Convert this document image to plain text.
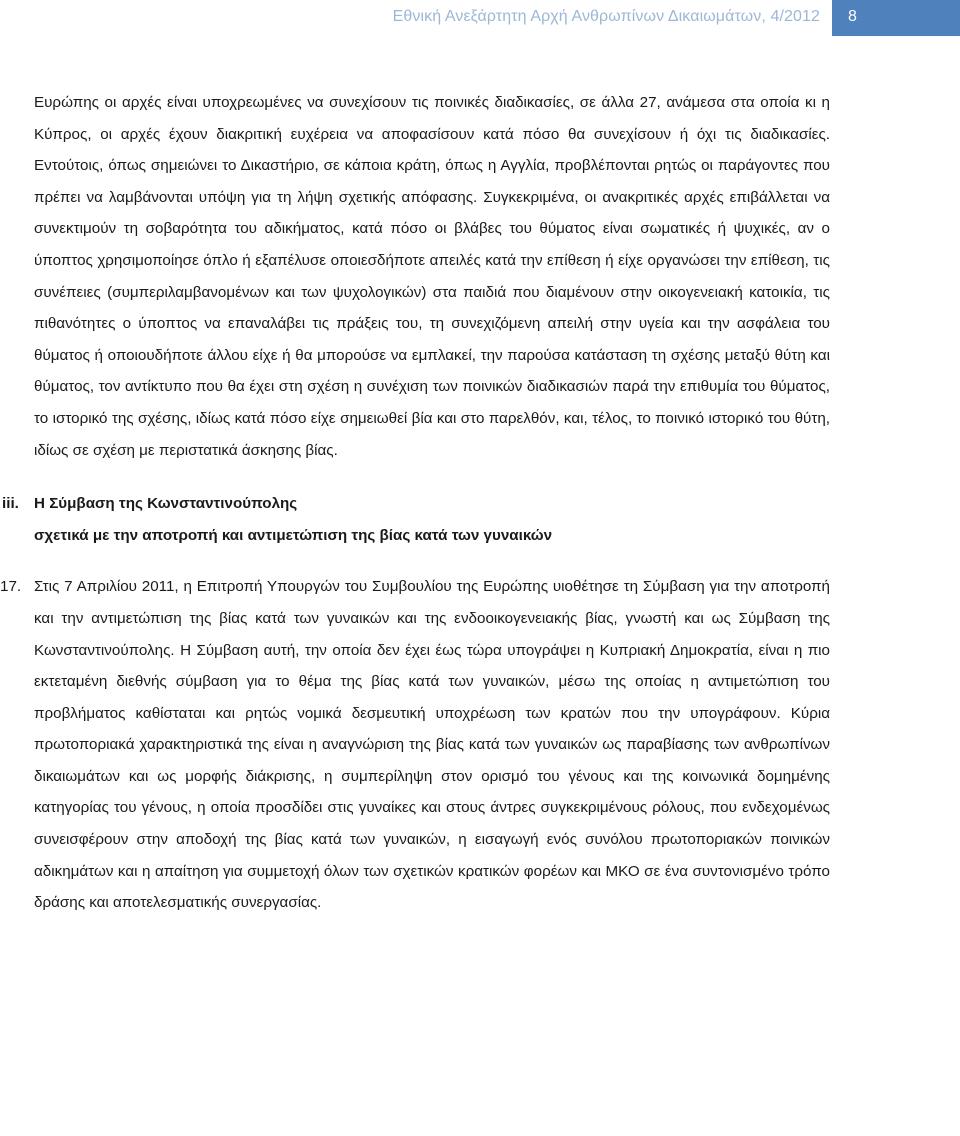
Εθνική Ανεξάρτητη Αρχή Ανθρωπίνων Δικαιωμάτων, 4/2012 8

Ευρώπης οι αρχές είναι υποχρεωμένες να συνεχίσουν τις ποινικές διαδικασίες, σε άλλα 27, ανάμεσα στα οποία κι η Κύπρος, οι αρχές έχουν διακριτική ευχέρεια να αποφασίσουν κατά πόσο θα συνεχίσουν ή όχι τις διαδικασίες. Εντούτοις, όπως σημειώνει το Δικαστήριο, σε κάποια κράτη, όπως η Αγγλία, προβλέπονται ρητώς οι παράγοντες που πρέπει να λαμβάνονται υπόψη για τη λήψη σχετικής απόφασης. Συγκεκριμένα, οι ανακριτικές αρχές επιβάλλεται να συνεκτιμούν τη σοβαρότητα του αδικήματος, κατά πόσο οι βλάβες του θύματος είναι σωματικές ή ψυχικές, αν ο ύποπτος χρησιμοποίησε όπλο ή εξαπέλυσε οποιεσδήποτε απειλές κατά την επίθεση ή είχε οργανώσει την επίθεση, τις συνέπειες (συμπεριλαμβανομένων και των ψυχολογικών) στα παιδιά που διαμένουν στην οικογενειακή κατοικία, τις πιθανότητες ο ύποπτος να επαναλάβει τις πράξεις του, τη συνεχιζόμενη απειλή στην υγεία και την ασφάλεια του θύματος ή οποιουδήποτε άλλου είχε ή θα μπορούσε να εμπλακεί, την παρούσα κατάσταση τη σχέσης μεταξύ θύτη και θύματος, τον αντίκτυπο που θα έχει στη σχέση η συνέχιση των ποινικών διαδικασιών παρά την επιθυμία του θύματος, το ιστορικό της σχέσης, ιδίως κατά πόσο είχε σημειωθεί βία και στο παρελθόν, και, τέλος, το ποινικό ιστορικό του θύτη, ιδίως σε σχέση με περιστατικά άσκησης βίας.

iii. Η Σύμβαση της Κωνσταντινούπολης
σχετικά με την αποτροπή και αντιμετώπιση της βίας κατά των γυναικών
17. Στις 7 Απριλίου 2011, η Επιτροπή Υπουργών του Συμβουλίου της Ευρώπης υιοθέτησε τη Σύμβαση για την αποτροπή και την αντιμετώπιση της βίας κατά των γυναικών και της ενδοοικογενειακής βίας, γνωστή και ως Σύμβαση της Κωνσταντινούπολης. Η Σύμβαση αυτή, την οποία δεν έχει έως τώρα υπογράψει η Κυπριακή Δημοκρατία, είναι η πιο εκτεταμένη διεθνής σύμβαση για το θέμα της βίας κατά των γυναικών, μέσω της οποίας η αντιμετώπιση του προβλήματος καθίσταται και ρητώς νομικά δεσμευτική υποχρέωση των κρατών που την υπογράφουν. Κύρια πρωτοποριακά χαρακτηριστικά της είναι η αναγνώριση της βίας κατά των γυναικών ως παραβίασης των ανθρωπίνων δικαιωμάτων και ως μορφής διάκρισης, η συμπερίληψη στον ορισμό του γένους και της κοινωνικά δομημένης κατηγορίας του γένους, η οποία προσδίδει στις γυναίκες και στους άντρες συγκεκριμένους ρόλους, που ενδεχομένως συνεισφέρουν στην αποδοχή της βίας κατά των γυναικών, η εισαγωγή ενός συνόλου πρωτοποριακών ποινικών αδικημάτων και η απαίτηση για συμμετοχή όλων των σχετικών κρατικών φορέων και ΜΚΟ σε ένα συντονισμένο τρόπο δράσης και αποτελεσματικής συνεργασίας.
